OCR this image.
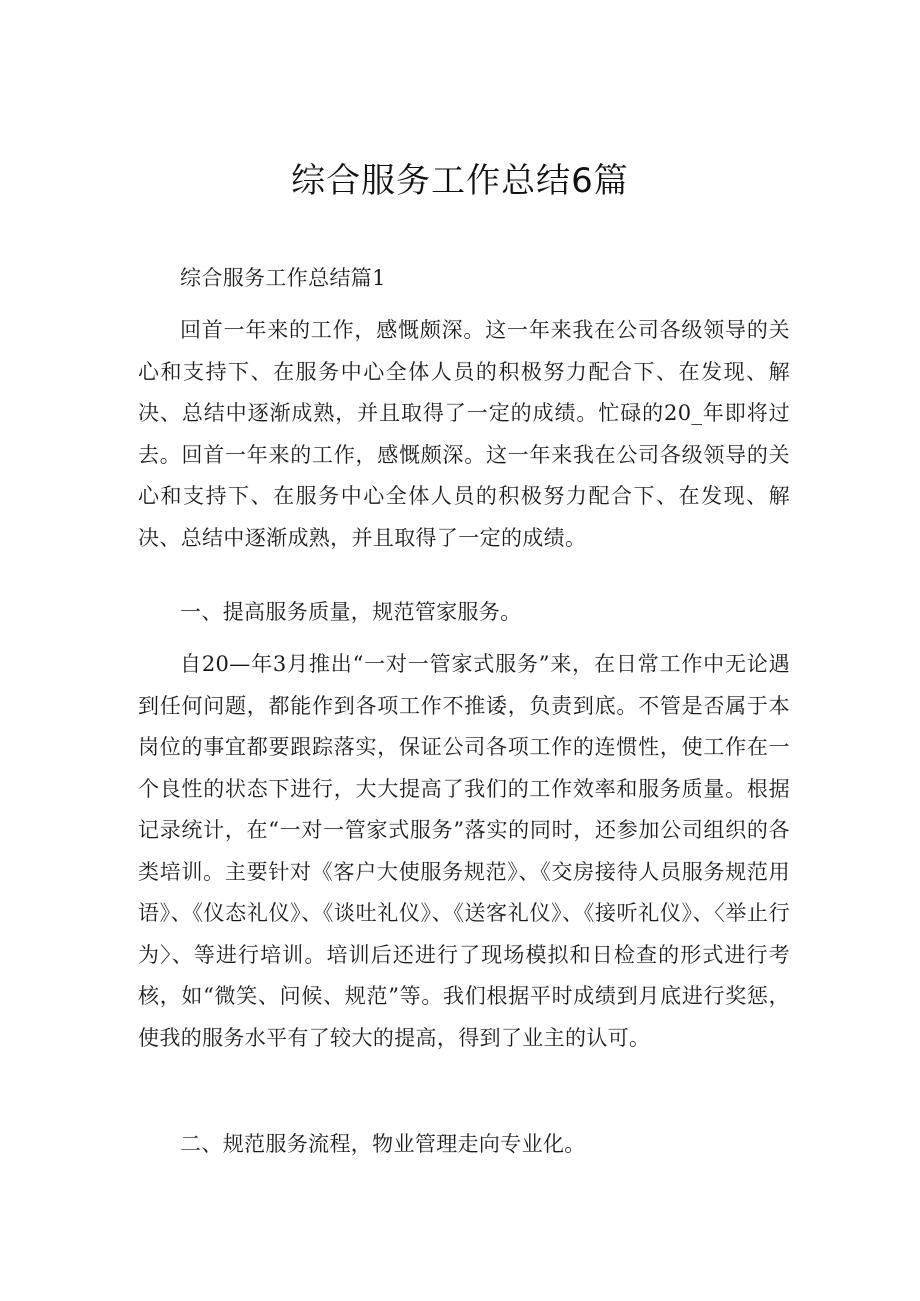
综合服务工作总结6篇

综合服务工作总结篇1

回首一年来的工作，感慨颇深。这一年来我在公司各级领导的关心和支持下、在服务中心全体人员的积极努力配合下、在发现、解决、总结中逐渐成熟，并且取得了一定的成绩。忙碌的20_年即将过去。回首一年来的工作，感慨颇深。这一年来我在公司各级领导的关心和支持下、在服务中心全体人员的积极努力配合下、在发现、解决、总结中逐渐成熟，并且取得了一定的成绩。

一、提高服务质量，规范管家服务。

自20—年3月推出“一对一管家式服务”来，在日常工作中无论遇到任何问题，都能作到各项工作不推诿，负责到底。不管是否属于本岗位的事宜都要跟踪落实，保证公司各项工作的连惯性，使工作在一个良性的状态下进行，大大提高了我们的工作效率和服务质量。根据记录统计，在“一对一管家式服务”落实的同时，还参加公司组织的各类培训。主要针对《客户大使服务规范》、《交房接待人员服务规范用语》、《仪态礼仪》、《谈吐礼仪》、《送客礼仪》、《接听礼仪》、〈举止行为〉、等进行培训。培训后还进行了现场模拟和日检查的形式进行考核，如“微笑、问候、规范”等。我们根据平时成绩到月底进行奖惩，使我的服务水平有了较大的提高，得到了业主的认可。

二、规范服务流程，物业管理走向专业化。
